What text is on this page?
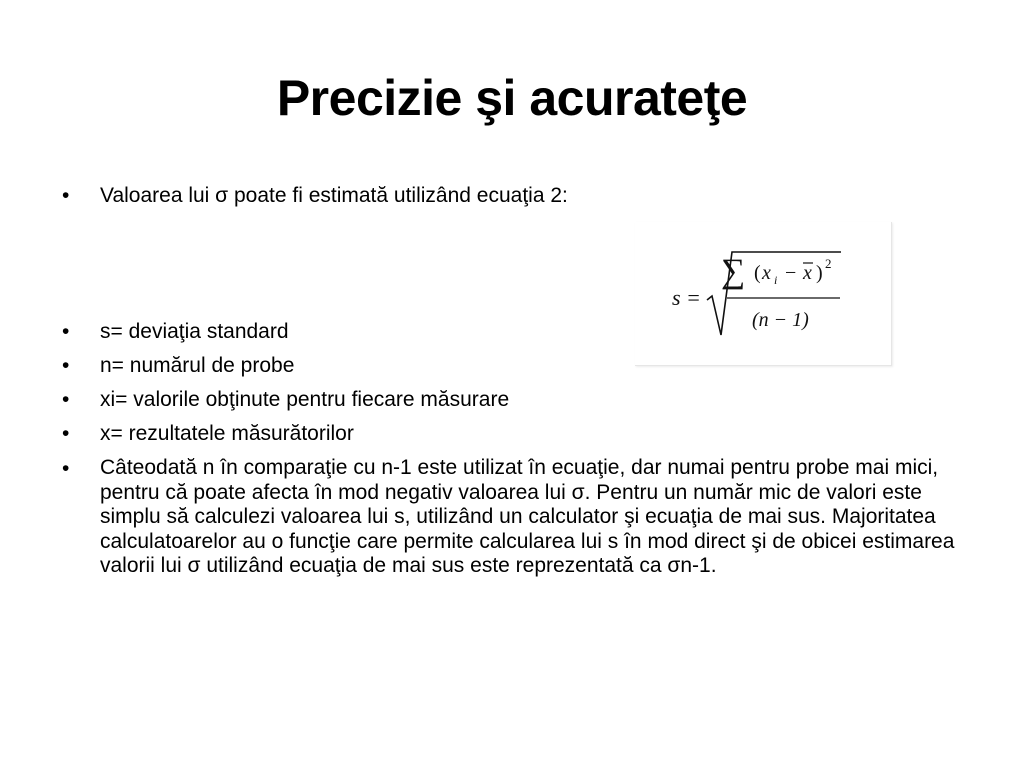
Precizie şi acurateţe
• Valoarea lui σ poate fi estimată utilizând ecuaţia 2:
s =
∑ ( x i − x ) 2
(n − 1)
• s= deviaţia standard
• n= numărul de probe
• xi= valorile obţinute pentru fiecare măsurare
• x= rezultatele măsurătorilor
• Câteodată n în comparaţie cu n-1 este utilizat în ecuaţie, dar numai pentru probe mai mici, pentru că poate afecta în mod negativ valoarea lui σ. Pentru un număr mic de valori este simplu să calculezi valoarea lui s, utilizând un calculator şi ecuaţia de mai sus. Majoritatea calculatoarelor au o funcţie care permite calcularea lui s în mod direct şi de obicei estimarea valorii lui σ utilizând ecuaţia de mai sus este reprezentată ca σn-1.
